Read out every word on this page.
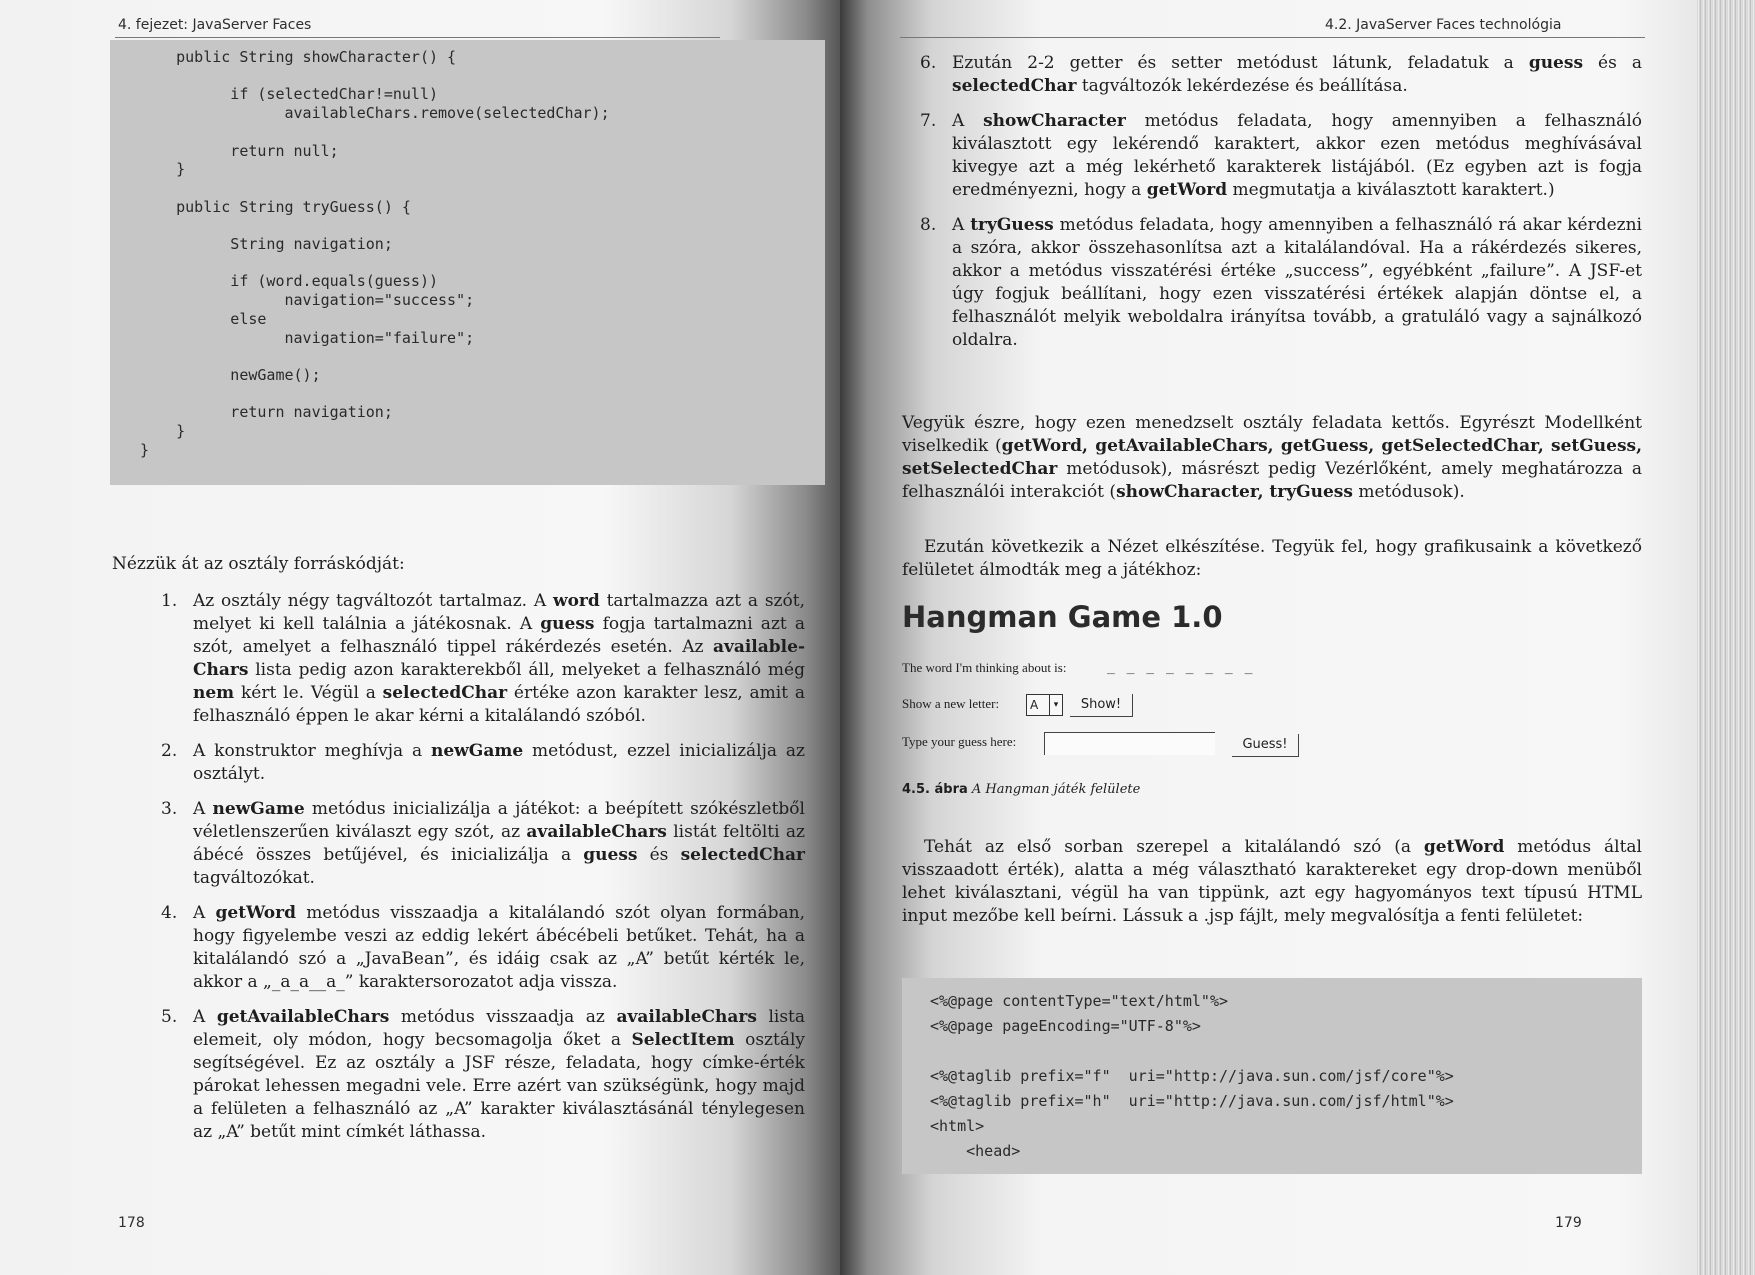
4. fejezet: JavaServer Faces
public String showCharacter() {
if (selectedChar!=null)
availableChars.remove(selectedChar);
return null;
}
public String tryGuess() {
String navigation;
if (word.equals(guess))
navigation="success";
else
navigation="failure";
newGame();
return navigation;
}
}
Nézzük át az osztály forráskódját:
1. Az osztály négy tagváltozót tartalmaz. A word tartalmazza azt a szót, melyet ki kell találnia a játékosnak. A guess fogja tartalmazni azt a szót, amelyet a felhasználó tippel rákérdezés esetén. Az availableChars lista pedig azon karakterekből áll, melyeket a felhasználó még nem kért le. Végül a selectedChar értéke azon karakter lesz, amit a felhasználó éppen le akar kérni a kitalálandó szóból.
2. A konstruktor meghívja a newGame metódust, ezzel inicializálja az osztályt.
3. A newGame metódus inicializálja a játékot: a beépített szókészletből véletlenszerűen kiválaszt egy szót, az availableChars listát feltölti az ábécé összes betűjével, és inicializálja a guess és selectedChar tagváltozókat.
4. A getWord metódus visszaadja a kitalálandó szót olyan formában, hogy figyelembe veszi az eddig lekért ábécébeli betűket. Tehát, ha a kitalálandó szó a „JavaBean”, és idáig csak az „A” betűt kérték le, akkor a „_a_a__a_” karaktersorozatot adja vissza.
5. A getAvailableChars metódus visszaadja az availableChars lista elemeit, oly módon, hogy becsomagolja őket a SelectItem osztály segítségével. Ez az osztály a JSF része, feladata, hogy címke-érték párokat lehessen megadni vele. Erre azért van szükségünk, hogy majd a felületen a felhasználó az „A” karakter kiválasztásánál ténylegesen az „A” betűt mint címkét láthassa.
178
4.2. JavaServer Faces technológia
6. Ezután 2-2 getter és setter metódust látunk, feladatuk a guess és a selectedChar tagváltozók lekérdezése és beállítása.
7. A showCharacter metódus feladata, hogy amennyiben a felhasználó kiválasztott egy lekérendő karaktert, akkor ezen metódus meghívásával kivegye azt a még lekérhető karakterek listájából. (Ez egyben azt is fogja eredményezni, hogy a getWord megmutatja a kiválasztott karaktert.)
8. A tryGuess metódus feladata, hogy amennyiben a felhasználó rá akar kérdezni a szóra, akkor összehasonlítsa azt a kitalálandóval. Ha a rákérdezés sikeres, akkor a metódus visszatérési értéke „success”, egyébként „failure”. A JSF-et úgy fogjuk beállítani, hogy ezen visszatérési értékek alapján döntse el, a felhasználót melyik weboldalra irányítsa tovább, a gratuláló vagy a sajnálkozó oldalra.
Vegyük észre, hogy ezen menedzselt osztály feladata kettős. Egyrészt Modellként viselkedik (getWord, getAvailableChars, getGuess, getSelectedChar, setGuess, setSelectedChar metódusok), másrészt pedig Vezérlőként, amely meghatározza a felhasználói interakciót (showCharacter, tryGuess metódusok).
Ezután következik a Nézet elkészítése. Tegyük fel, hogy grafikusaink a következő felületet álmodták meg a játékhoz:
Hangman Game 1.0
The word I'm thinking about is:	_ _ _ _ _ _ _ _
Show a new letter:	A	▾	Show!
Type your guess here:	Guess!
4.5. ábra A Hangman játék felülete
Tehát az első sorban szerepel a kitalálandó szó (a getWord metódus által visszaadott érték), alatta a még választható karaktereket egy drop-down menüből lehet kiválasztani, végül ha van tippünk, azt egy hagyományos text típusú HTML input mezőbe kell beírni. Lássuk a .jsp fájlt, mely megvalósítja a fenti felületet:
<%@page contentType="text/html"%>
<%@page pageEncoding="UTF-8"%>
<%@taglib prefix="f"  uri="http://java.sun.com/jsf/core"%>
<%@taglib prefix="h"  uri="http://java.sun.com/jsf/html"%>
<html>
<head>
179
